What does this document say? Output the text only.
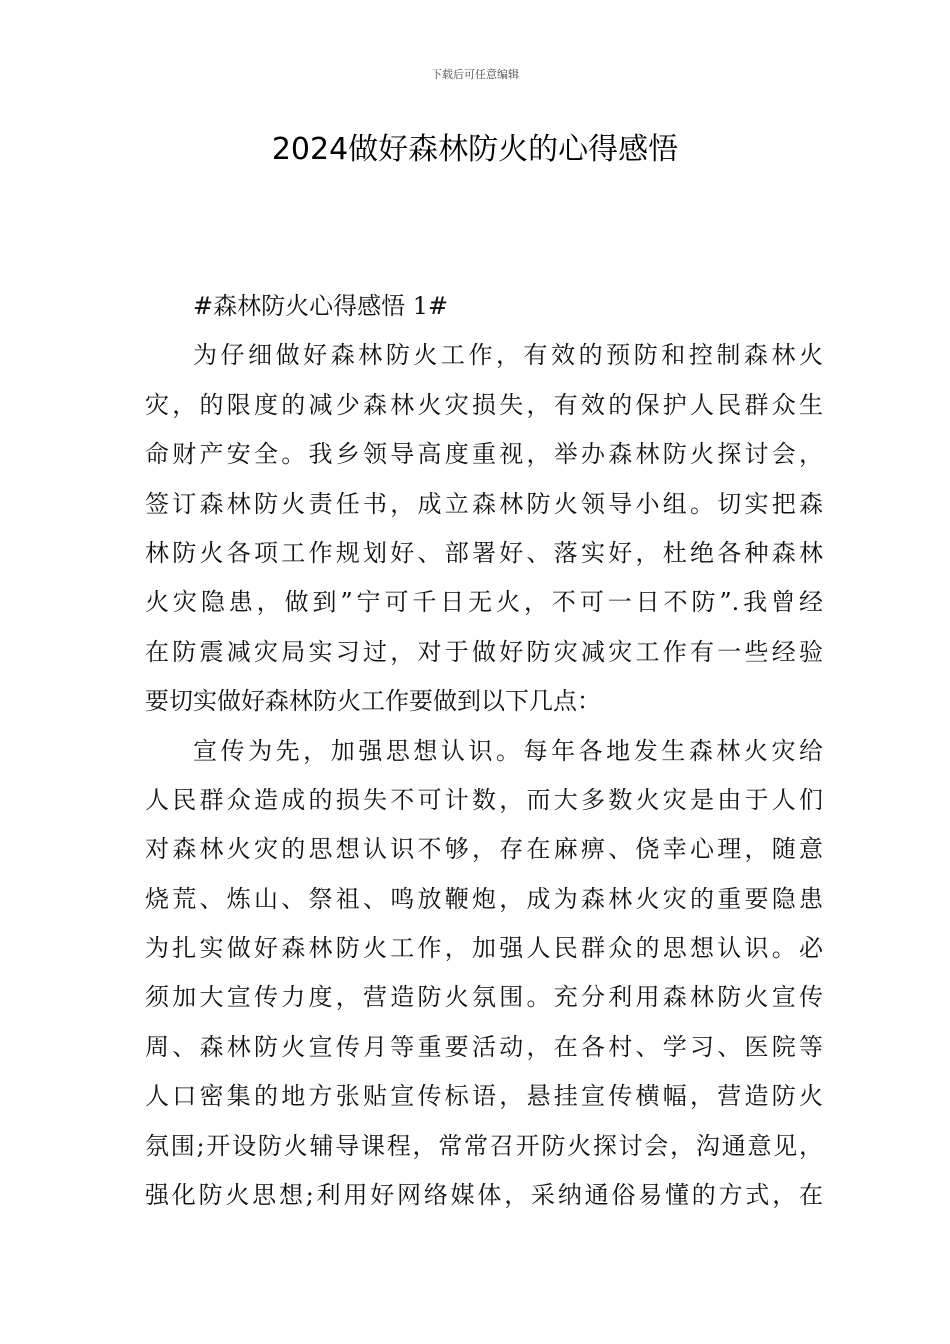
下载后可任意编辑
2024做好森林防火的心得感悟
#森林防火心得感悟 1#
为仔细做好森林防火工作，有效的预防和控制森林火
灾，的限度的减少森林火灾损失，有效的保护人民群众生
命财产安全。我乡领导高度重视，举办森林防火探讨会，
签订森林防火责任书，成立森林防火领导小组。切实把森
林防火各项工作规划好、部署好、落实好，杜绝各种森林
火灾隐患，做到”宁可千日无火，不可一日不防”.我曾经
在防震减灾局实习过，对于做好防灾减灾工作有一些经验
要切实做好森林防火工作要做到以下几点：
宣传为先，加强思想认识。每年各地发生森林火灾给
人民群众造成的损失不可计数，而大多数火灾是由于人们
对森林火灾的思想认识不够，存在麻痹、侥幸心理，随意
烧荒、炼山、祭祖、鸣放鞭炮，成为森林火灾的重要隐患
为扎实做好森林防火工作，加强人民群众的思想认识。必
须加大宣传力度，营造防火氛围。充分利用森林防火宣传
周、森林防火宣传月等重要活动，在各村、学习、医院等
人口密集的地方张贴宣传标语，悬挂宣传横幅，营造防火
氛围;开设防火辅导课程，常常召开防火探讨会，沟通意见，
强化防火思想;利用好网络媒体，采纳通俗易懂的方式，在
